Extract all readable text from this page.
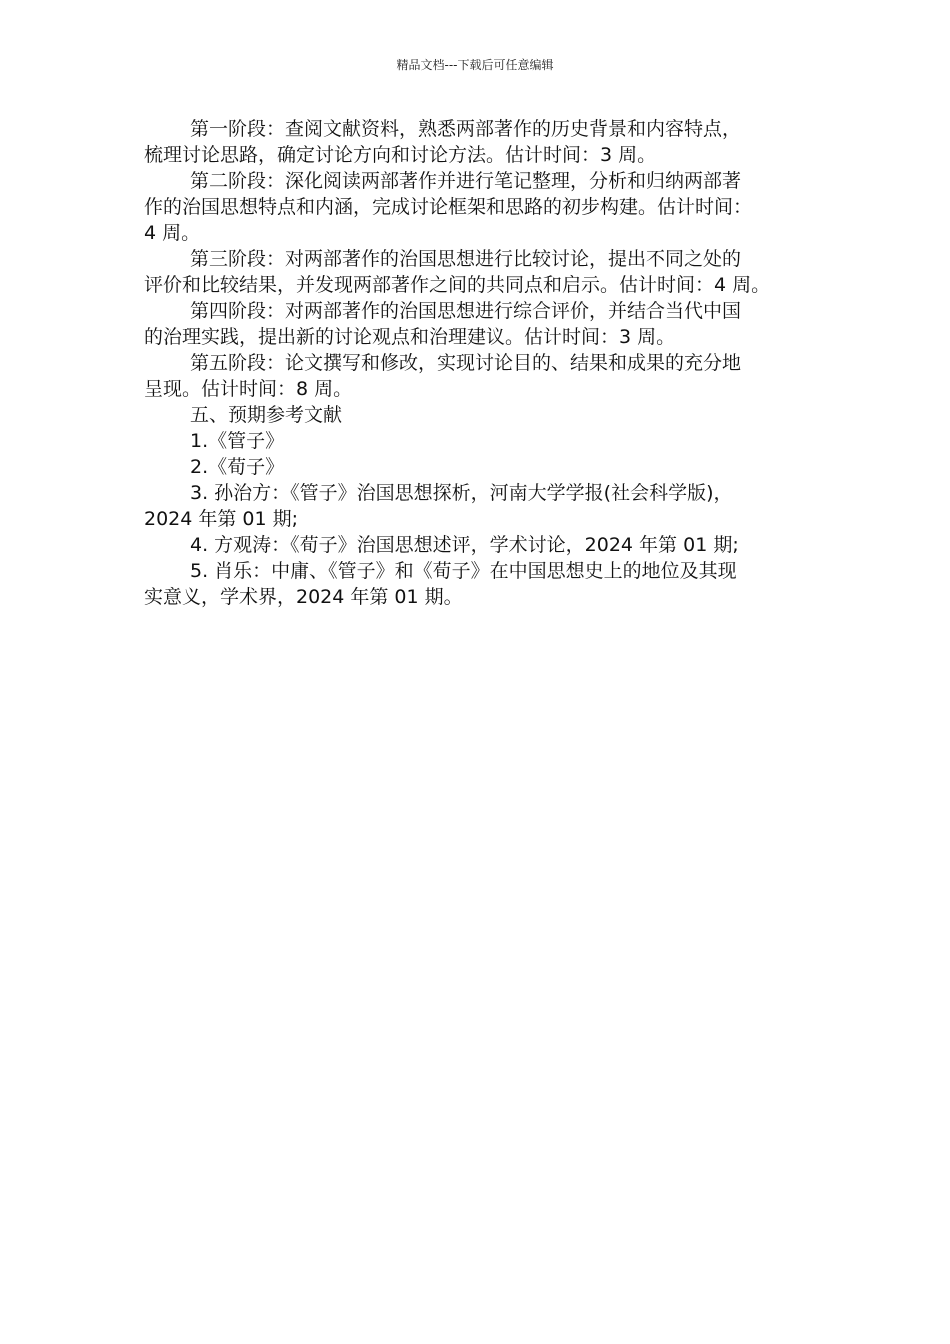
精品文档---下载后可任意编辑

第一阶段：查阅文献资料，熟悉两部著作的历史背景和内容特点，
梳理讨论思路，确定讨论方向和讨论方法。估计时间：3 周。

第二阶段：深化阅读两部著作并进行笔记整理，分析和归纳两部著
作的治国思想特点和内涵，完成讨论框架和思路的初步构建。估计时间：
4 周。

第三阶段：对两部著作的治国思想进行比较讨论，提出不同之处的
评价和比较结果，并发现两部著作之间的共同点和启示。估计时间：4 周。

第四阶段：对两部著作的治国思想进行综合评价，并结合当代中国
的治理实践，提出新的讨论观点和治理建议。估计时间：3 周。

第五阶段：论文撰写和修改，实现讨论目的、结果和成果的充分地
呈现。估计时间：8 周。

五、预期参考文献

1.《管子》

2.《荀子》

3. 孙治方：《管子》治国思想探析，河南大学学报(社会科学版)，
2024 年第 01 期;

4. 方观涛：《荀子》治国思想述评，学术讨论，2024 年第 01 期;

5. 肖乐：中庸、《管子》和《荀子》在中国思想史上的地位及其现
实意义，学术界，2024 年第 01 期。
